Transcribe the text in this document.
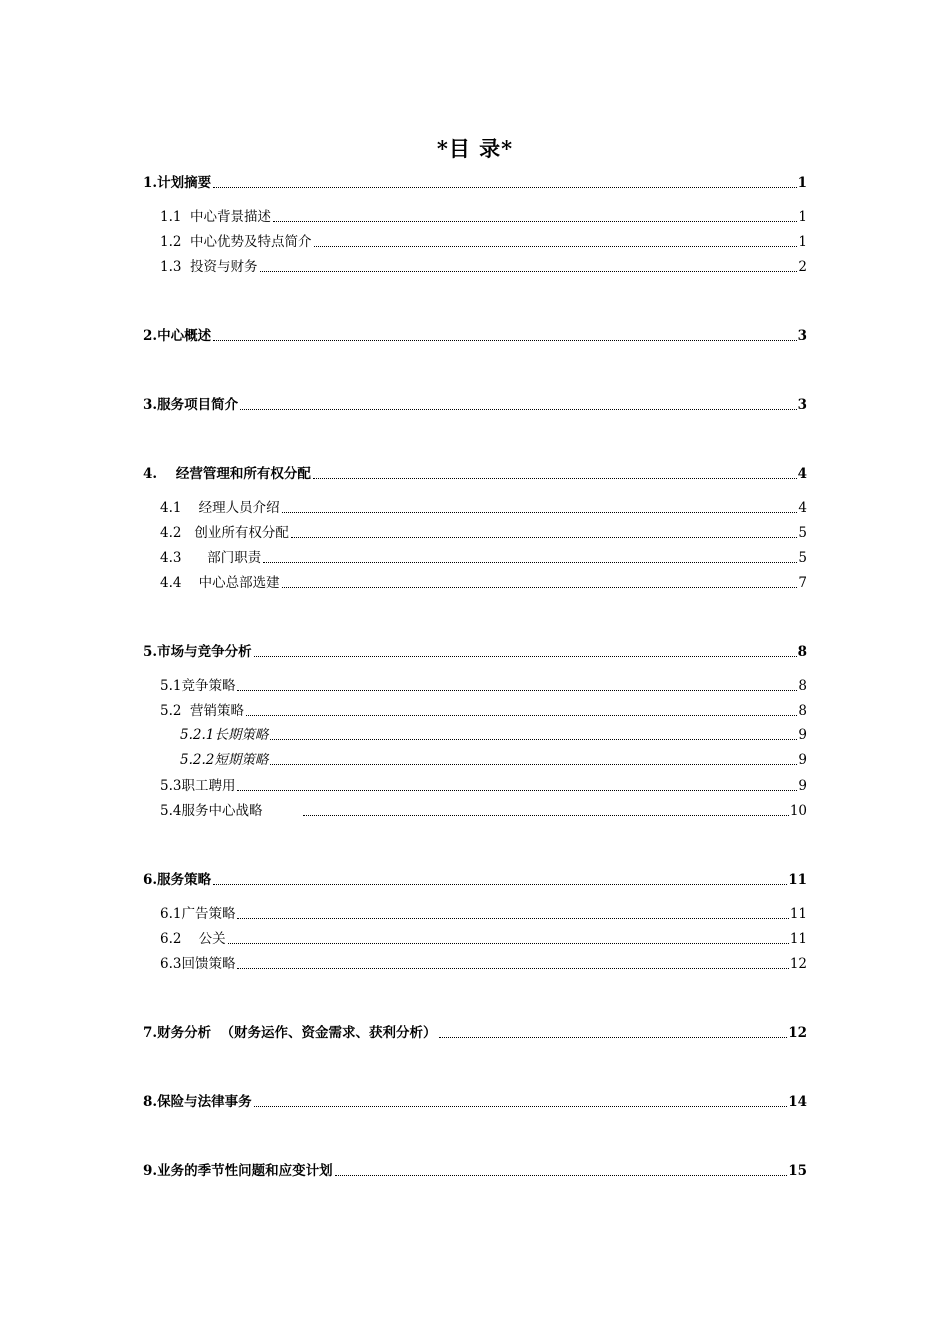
*目 录*
1.计划摘要	1
1.1  中心背景描述	1
1.2  中心优势及特点简介	1
1.3  投资与财务	2
2.中心概述	3
3.服务项目简介	3
4.    经营管理和所有权分配	4
4.1    经理人员介绍	4
4.2   创业所有权分配	5
4.3      部门职责	5
4.4    中心总部选建	7
5.市场与竞争分析	8
5.1竞争策略	8
5.2  营销策略	8
5.2.1长期策略	9
5.2.2短期策略	9
5.3职工聘用	9
5.4服务中心战略	10
6.服务策略	11
6.1广告策略	11
6.2    公关	11
6.3回馈策略	12
7.财务分析  （财务运作、资金需求、获利分析）	12
8.保险与法律事务	14
9.业务的季节性问题和应变计划	15
